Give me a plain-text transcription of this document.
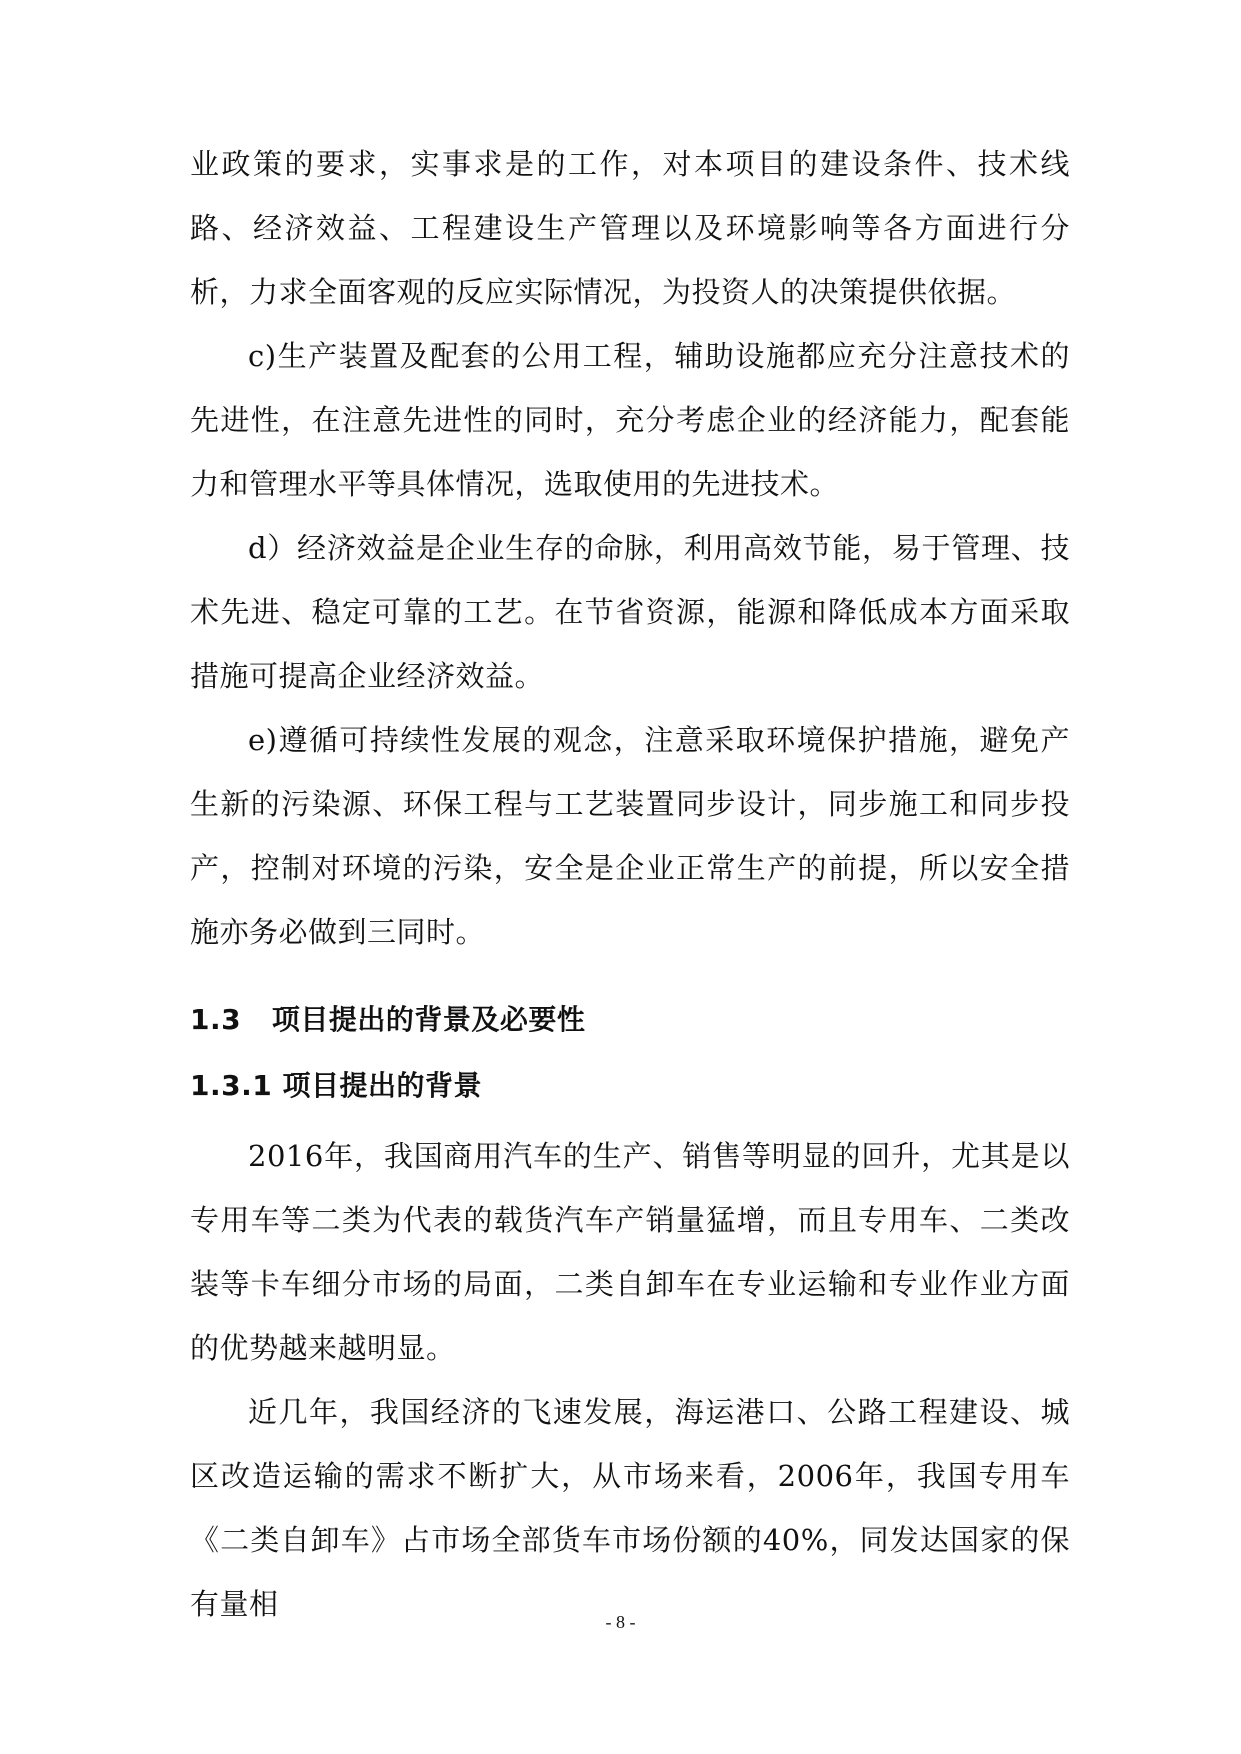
业政策的要求，实事求是的工作，对本项目的建设条件、技术线路、经济效益、工程建设生产管理以及环境影响等各方面进行分析，力求全面客观的反应实际情况，为投资人的决策提供依据。

c)生产装置及配套的公用工程，辅助设施都应充分注意技术的先进性，在注意先进性的同时，充分考虑企业的经济能力，配套能力和管理水平等具体情况，选取使用的先进技术。

d）经济效益是企业生存的命脉，利用高效节能，易于管理、技术先进、稳定可靠的工艺。在节省资源，能源和降低成本方面采取措施可提高企业经济效益。

e)遵循可持续性发展的观念，注意采取环境保护措施，避免产生新的污染源、环保工程与工艺装置同步设计，同步施工和同步投产，控制对环境的污染，安全是企业正常生产的前提，所以安全措施亦务必做到三同时。

1.3   项目提出的背景及必要性
1.3.1 项目提出的背景

2016年，我国商用汽车的生产、销售等明显的回升，尤其是以专用车等二类为代表的载货汽车产销量猛增，而且专用车、二类改装等卡车细分市场的局面，二类自卸车在专业运输和专业作业方面的优势越来越明显。

近几年，我国经济的飞速发展，海运港口、公路工程建设、城区改造运输的需求不断扩大，从市场来看，2006年，我国专用车《二类自卸车》占市场全部货车市场份额的40%，同发达国家的保有量相

- 8 -
